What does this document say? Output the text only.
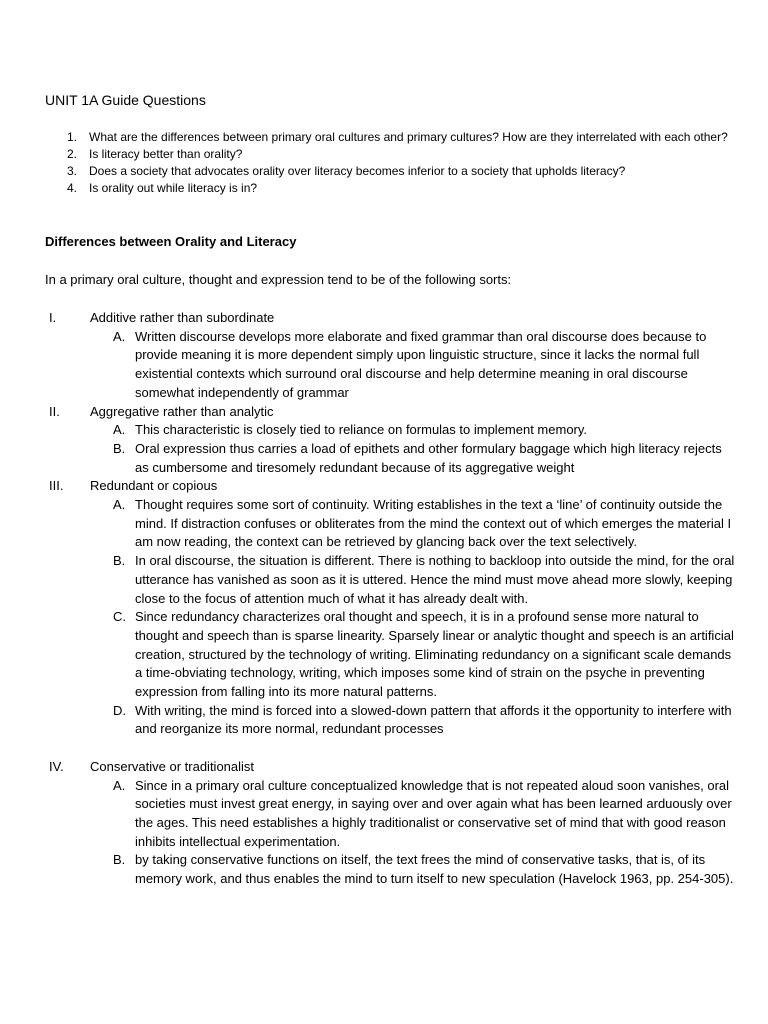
UNIT 1A Guide Questions
1. What are the differences between primary oral cultures and primary cultures? How are they interrelated with each other?
2. Is literacy better than orality?
3. Does a society that advocates orality over literacy becomes inferior to a society that upholds literacy?
4. Is orality out while literacy is in?
Differences between Orality and Literacy
In a primary oral culture, thought and expression tend to be of the following sorts:
I.	Additive rather than subordinate
A. Written discourse develops more elaborate and fixed grammar than oral discourse does because to provide meaning it is more dependent simply upon linguistic structure, since it lacks the normal full existential contexts which surround oral discourse and help determine meaning in oral discourse somewhat independently of grammar
II.	Aggregative rather than analytic
A. This characteristic is closely tied to reliance on formulas to implement memory.
B. Oral expression thus carries a load of epithets and other formulary baggage which high literacy rejects as cumbersome and tiresomely redundant because of its aggregative weight
III.	Redundant or copious
A. Thought requires some sort of continuity. Writing establishes in the text a ‘line’ of continuity outside the mind. If distraction confuses or obliterates from the mind the context out of which emerges the material I am now reading, the context can be retrieved by glancing back over the text selectively.
B. In oral discourse, the situation is different. There is nothing to backloop into outside the mind, for the oral utterance has vanished as soon as it is uttered. Hence the mind must move ahead more slowly, keeping close to the focus of attention much of what it has already dealt with.
C. Since redundancy characterizes oral thought and speech, it is in a profound sense more natural to thought and speech than is sparse linearity. Sparsely linear or analytic thought and speech is an artificial creation, structured by the technology of writing. Eliminating redundancy on a significant scale demands a time-obviating technology, writing, which imposes some kind of strain on the psyche in preventing expression from falling into its more natural patterns.
D. With writing, the mind is forced into a slowed-down pattern that affords it the opportunity to interfere with and reorganize its more normal, redundant processes
IV.	Conservative or traditionalist
A. Since in a primary oral culture conceptualized knowledge that is not repeated aloud soon vanishes, oral societies must invest great energy, in saying over and over again what has been learned arduously over the ages. This need establishes a highly traditionalist or conservative set of mind that with good reason inhibits intellectual experimentation.
B. by taking conservative functions on itself, the text frees the mind of conservative tasks, that is, of its memory work, and thus enables the mind to turn itself to new speculation (Havelock 1963, pp. 254-305).
